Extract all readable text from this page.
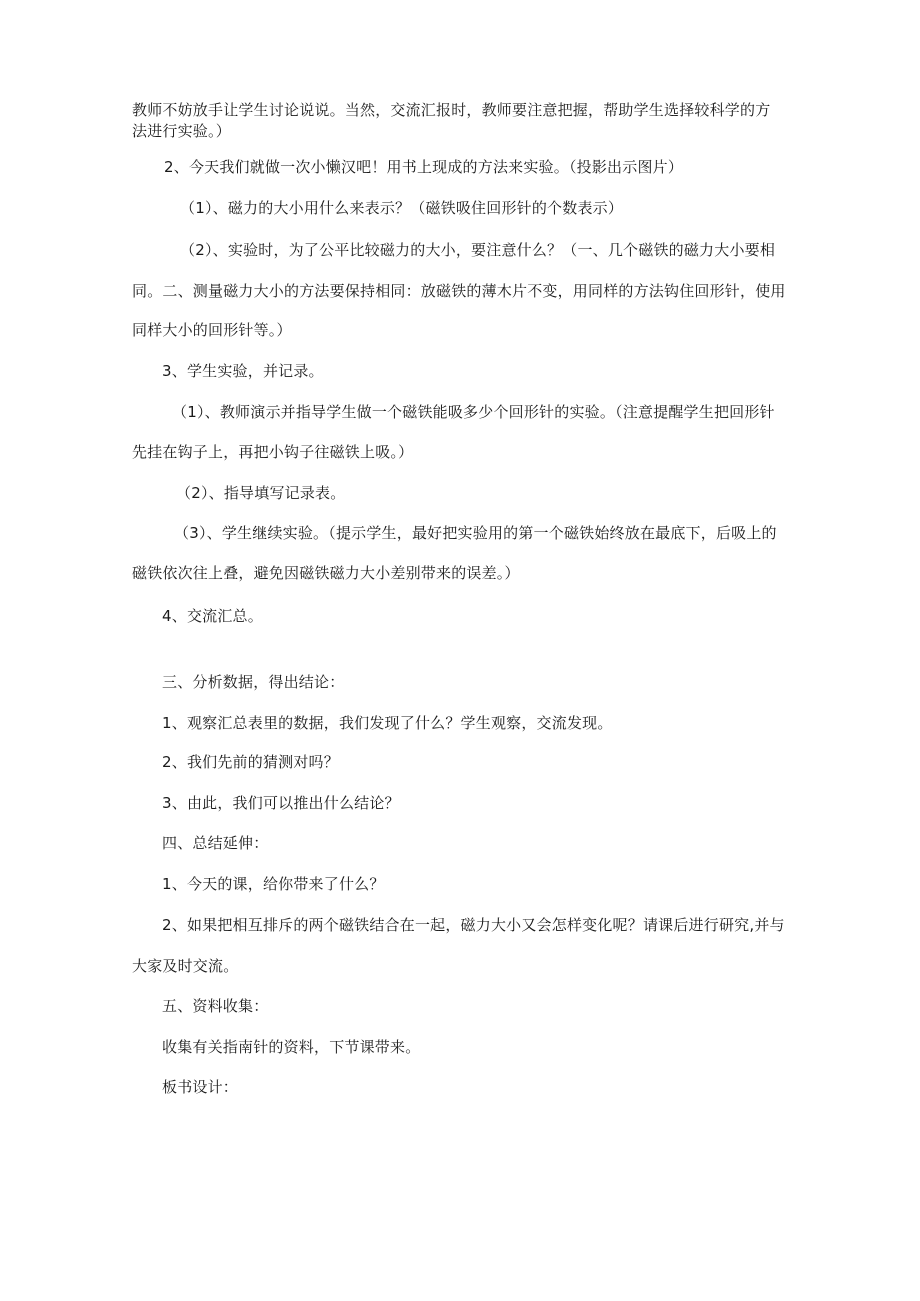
教师不妨放手让学生讨论说说。当然，交流汇报时，教师要注意把握，帮助学生选择较科学的方
法进行实验。）
2、今天我们就做一次小懒汉吧！用书上现成的方法来实验。（投影出示图片）
（1）、磁力的大小用什么来表示？（磁铁吸住回形针的个数表示）
（2）、实验时，为了公平比较磁力的大小，要注意什么？（一、几个磁铁的磁力大小要相
同。二、测量磁力大小的方法要保持相同：放磁铁的薄木片不变，用同样的方法钩住回形针，使用
同样大小的回形针等。）
3、学生实验，并记录。
（1）、教师演示并指导学生做一个磁铁能吸多少个回形针的实验。（注意提醒学生把回形针
先挂在钩子上，再把小钩子往磁铁上吸。）
（2）、指导填写记录表。
（3）、学生继续实验。（提示学生，最好把实验用的第一个磁铁始终放在最底下，后吸上的
磁铁依次往上叠，避免因磁铁磁力大小差别带来的误差。）
4、交流汇总。
三、分析数据，得出结论：
1、观察汇总表里的数据，我们发现了什么？学生观察，交流发现。
2、我们先前的猜测对吗？
3、由此，我们可以推出什么结论？
四、总结延伸：
1、今天的课，给你带来了什么？
2、如果把相互排斥的两个磁铁结合在一起，磁力大小又会怎样变化呢？请课后进行研究,并与
大家及时交流。
五、资料收集：
收集有关指南针的资料，下节课带来。
板书设计：
